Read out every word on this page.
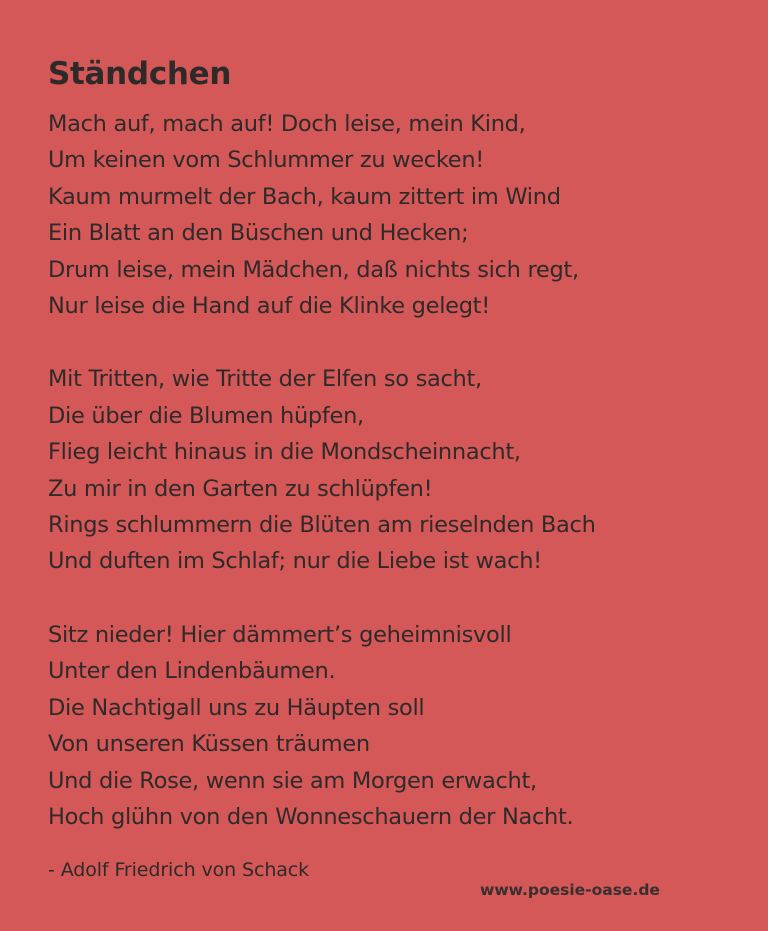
Ständchen
Mach auf, mach auf! Doch leise, mein Kind,
Um keinen vom Schlummer zu wecken!
Kaum murmelt der Bach, kaum zittert im Wind
Ein Blatt an den Büschen und Hecken;
Drum leise, mein Mädchen, daß nichts sich regt,
Nur leise die Hand auf die Klinke gelegt!
Mit Tritten, wie Tritte der Elfen so sacht,
Die über die Blumen hüpfen,
Flieg leicht hinaus in die Mondscheinnacht,
Zu mir in den Garten zu schlüpfen!
Rings schlummern die Blüten am rieselnden Bach
Und duften im Schlaf; nur die Liebe ist wach!
Sitz nieder! Hier dämmert’s geheimnisvoll
Unter den Lindenbäumen.
Die Nachtigall uns zu Häupten soll
Von unseren Küssen träumen
Und die Rose, wenn sie am Morgen erwacht,
Hoch glühn von den Wonneschauern der Nacht.
- Adolf Friedrich von Schack
www.poesie-oase.de
